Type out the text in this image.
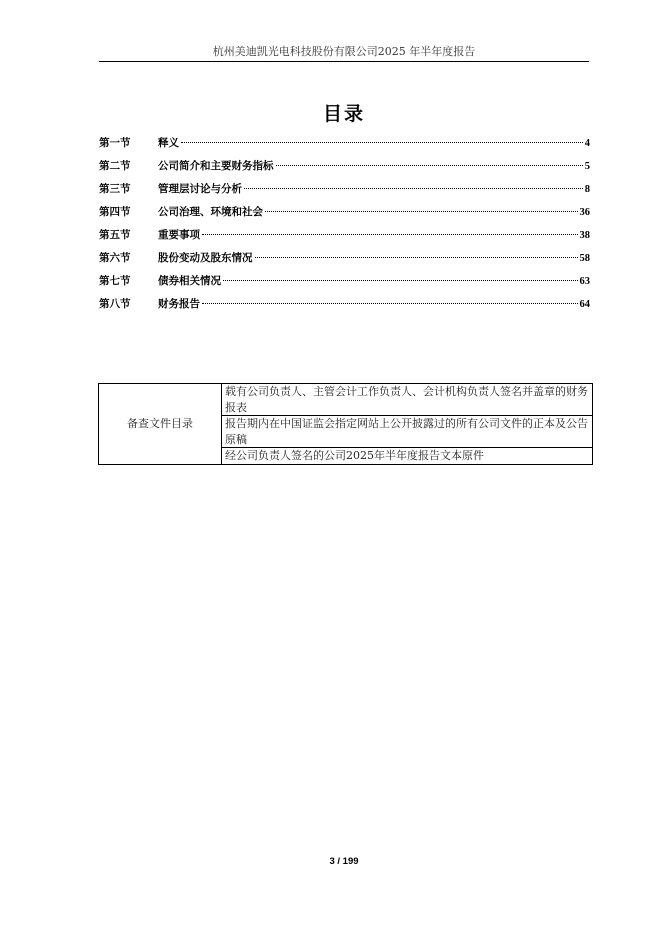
杭州美迪凯光电科技股份有限公司2025 年半年度报告
目录
第一节	释义	4
第二节	公司简介和主要财务指标	5
第三节	管理层讨论与分析	8
第四节	公司治理、环境和社会	36
第五节	重要事项	38
第六节	股份变动及股东情况	58
第七节	债券相关情况	63
第八节	财务报告	64
备查文件目录	载有公司负责人、主管会计工作负责人、会计机构负责人签名并盖章的财务报表
报告期内在中国证监会指定网站上公开披露过的所有公司文件的正本及公告原稿
经公司负责人签名的公司2025年半年度报告文本原件
3 / 199
